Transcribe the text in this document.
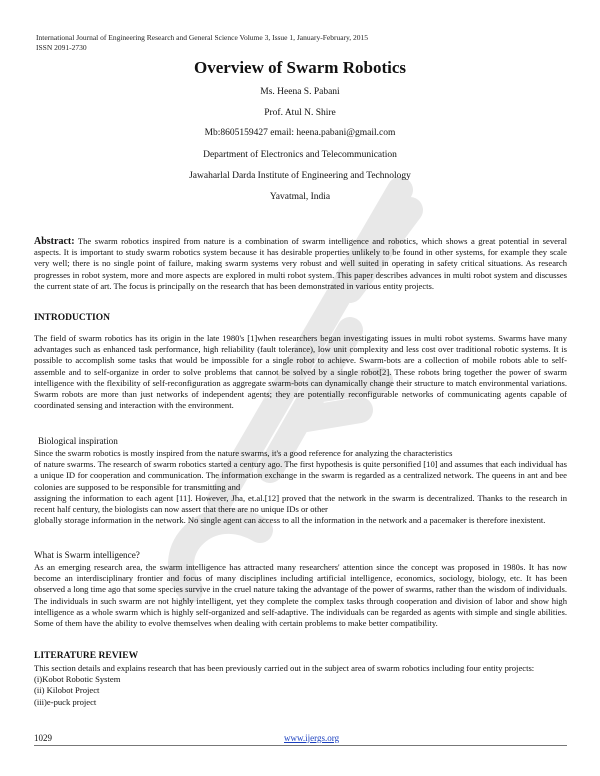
International Journal of Engineering Research and General Science Volume 3, Issue 1, January-February, 2015
ISSN 2091-2730
Overview of Swarm Robotics
Ms. Heena S. Pabani
Prof. Atul N. Shire
Mb:8605159427 email: heena.pabani@gmail.com
Department of Electronics and Telecommunication
Jawaharlal Darda Institute of Engineering and Technology
Yavatmal, India

Abstract: The swarm robotics inspired from nature is a combination of swarm intelligence and robotics, which shows a great potential in several aspects. It is important to study swarm robotics system because it has desirable properties unlikely to be found in other systems, for example they scale very well; there is no single point of failure, making swarm systems very robust and well suited in operating in safety critical situations. As research progresses in robot system, more and more aspects are explored in multi robot system. This paper describes advances in multi robot system and discusses the current state of art. The focus is principally on the research that has been demonstrated in various entity projects.

INTRODUCTION

The field of swarm robotics has its origin in the late 1980's [1]when researchers began investigating issues in multi robot systems. Swarms have many advantages such as enhanced task performance, high reliability (fault tolerance), low unit complexity and less cost over traditional robotic systems. It is possible to accomplish some tasks that would be impossible for a single robot to achieve. Swarm-bots are a collection of mobile robots able to self-assemble and to self-organize in order to solve problems that cannot be solved by a single robot[2]. These robots bring together the power of swarm intelligence with the flexibility of self-reconfiguration as aggregate swarm-bots can dynamically change their structure to match environmental variations. Swarm robots are more than just networks of independent agents; they are potentially reconfigurable networks of communicating agents capable of coordinated sensing and interaction with the environment.

Biological inspiration

Since the swarm robotics is mostly inspired from the nature swarms, it's a good reference for analyzing the characteristics

of nature swarms. The research of swarm robotics started a century ago. The first hypothesis is quite personified [10] and assumes that each individual has a unique ID for cooperation and communication. The information exchange in the swarm is regarded as a centralized network. The queens in ant and bee colonies are supposed to be responsible for transmitting and

assigning the information to each agent [11]. However, Jha, et.al.[12] proved that the network in the swarm is decentralized. Thanks to the research in recent half century, the biologists can now assert that there are no unique IDs or other

globally storage information in the network. No single agent can access to all the information in the network and a pacemaker is therefore inexistent.

What is Swarm intelligence?

As an emerging research area, the swarm intelligence has attracted many researchers' attention since the concept was proposed in 1980s. It has now become an interdisciplinary frontier and focus of many disciplines including artificial intelligence, economics, sociology, biology, etc. It has been observed a long time ago that some species survive in the cruel nature taking the advantage of the power of swarms, rather than the wisdom of individuals. The individuals in such swarm are not highly intelligent, yet they complete the complex tasks through cooperation and division of labor and show high intelligence as a whole swarm which is highly self-organized and self-adaptive. The individuals can be regarded as agents with simple and single abilities. Some of them have the ability to evolve themselves when dealing with certain problems to make better compatibility.

LITERATURE REVIEW

This section details and explains research that has been previously carried out in the subject area of swarm robotics including four entity projects:

(i)Kobot Robotic System

(ii) Kilobot Project

(iii)e-puck project

1029	www.ijergs.org
